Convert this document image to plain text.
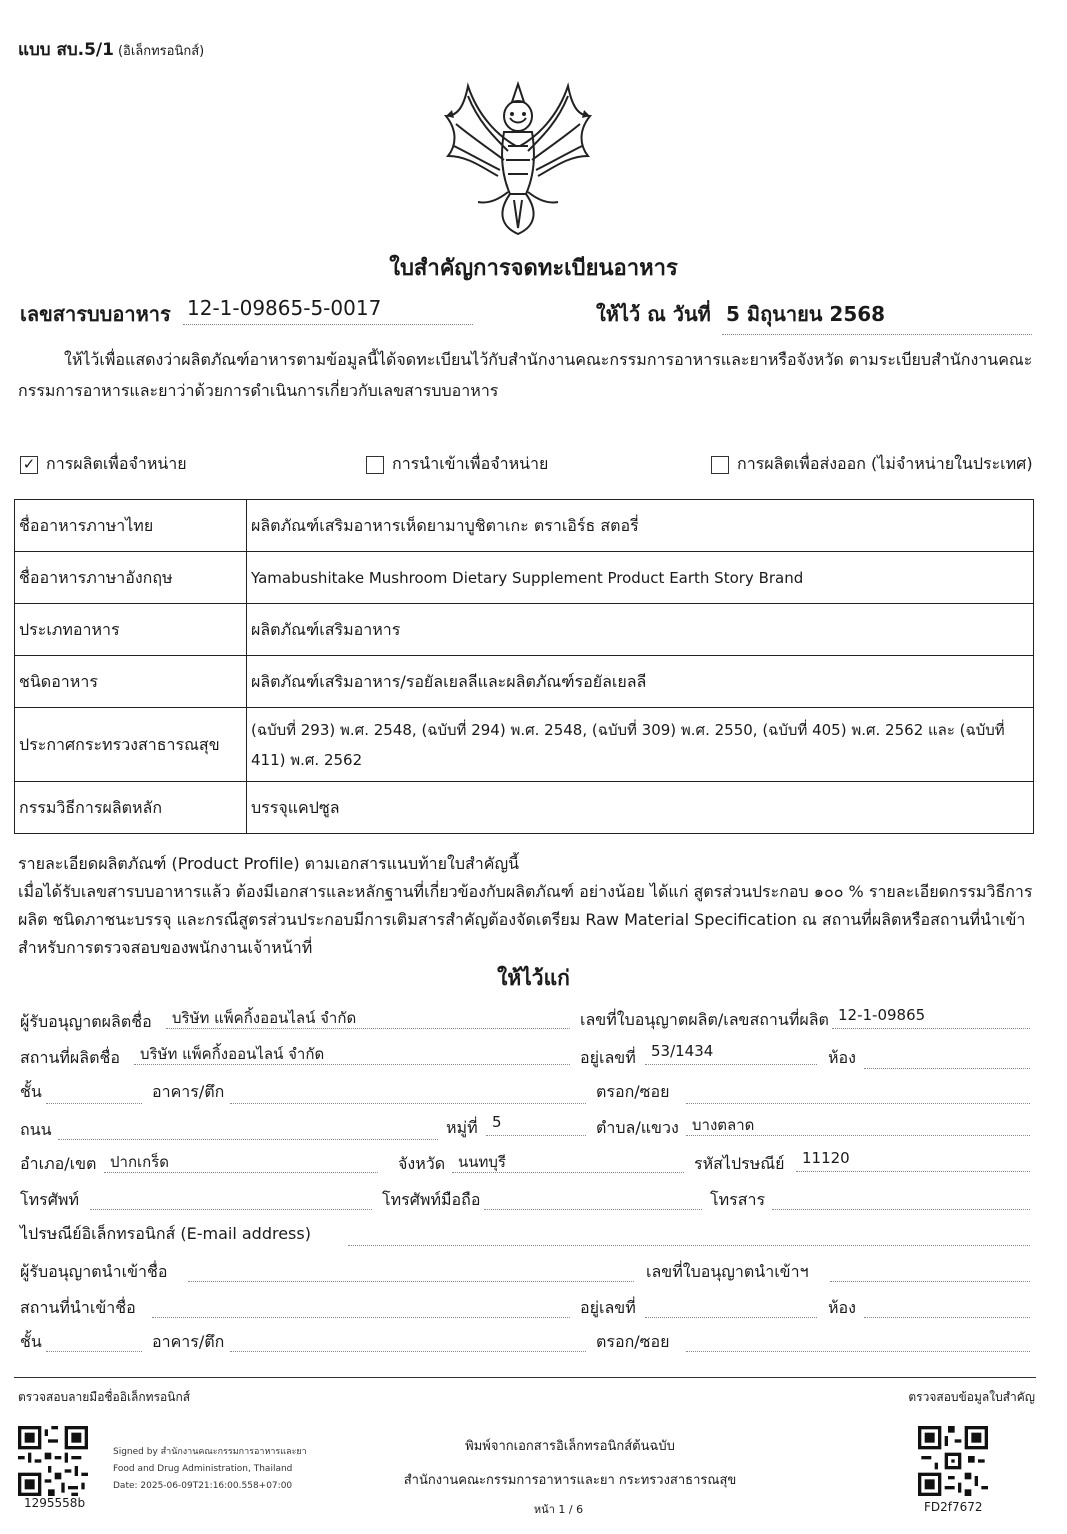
แบบ สบ.5/1 (อิเล็กทรอนิกส์)
ใบสำคัญการจดทะเบียนอาหาร
เลขสารบบอาหาร 12-1-09865-5-0017	ให้ไว้ ณ วันที่ 5 มิถุนายน 2568
ให้ไว้เพื่อแสดงว่าผลิตภัณฑ์อาหารตามข้อมูลนี้ได้จดทะเบียนไว้กับสำนักงานคณะกรรมการอาหารและยาหรือจังหวัด ตามระเบียบสำนักงานคณะกรรมการอาหารและยาว่าด้วยการดำเนินการเกี่ยวกับเลขสารบบอาหาร
✓ การผลิตเพื่อจำหน่าย	การนำเข้าเพื่อจำหน่าย	การผลิตเพื่อส่งออก (ไม่จำหน่ายในประเทศ)
ชื่ออาหารภาษาไทย	ผลิตภัณฑ์เสริมอาหารเห็ดยามาบูชิตาเกะ ตราเอิร์ธ สตอรี่
ชื่ออาหารภาษาอังกฤษ	Yamabushitake Mushroom Dietary Supplement Product Earth Story Brand
ประเภทอาหาร	ผลิตภัณฑ์เสริมอาหาร
ชนิดอาหาร	ผลิตภัณฑ์เสริมอาหาร/รอยัลเยลลีและผลิตภัณฑ์รอยัลเยลลี
ประกาศกระทรวงสาธารณสุข	(ฉบับที่ 293) พ.ศ. 2548, (ฉบับที่ 294) พ.ศ. 2548, (ฉบับที่ 309) พ.ศ. 2550, (ฉบับที่ 405) พ.ศ. 2562 และ (ฉบับที่ 411) พ.ศ. 2562
กรรมวิธีการผลิตหลัก	บรรจุแคปซูล
รายละเอียดผลิตภัณฑ์ (Product Profile) ตามเอกสารแนบท้ายใบสำคัญนี้
เมื่อได้รับเลขสารบบอาหารแล้ว ต้องมีเอกสารและหลักฐานที่เกี่ยวข้องกับผลิตภัณฑ์ อย่างน้อย ได้แก่ สูตรส่วนประกอบ ๑๐๐ % รายละเอียดกรรมวิธีการผลิต ชนิดภาชนะบรรจุ และกรณีสูตรส่วนประกอบมีการเติมสารสำคัญต้องจัดเตรียม Raw Material Specification ณ สถานที่ผลิตหรือสถานที่นำเข้าสำหรับการตรวจสอบของพนักงานเจ้าหน้าที่
ให้ไว้แก่
ผู้รับอนุญาตผลิตชื่อ	บริษัท แพ็คกิ้งออนไลน์ จำกัด	เลขที่ใบอนุญาตผลิต/เลขสถานที่ผลิต 12-1-09865
สถานที่ผลิตชื่อ	บริษัท แพ็คกิ้งออนไลน์ จำกัด	อยู่เลขที่	53/1434	ห้อง
ชั้น	อาคาร/ตึก	ตรอก/ซอย
ถนน	หมู่ที่ 5	ตำบล/แขวง บางตลาด
อำเภอ/เขต ปากเกร็ด	จังหวัด นนทบุรี	รหัสไปรษณีย์	11120
โทรศัพท์	โทรศัพท์มือถือ	โทรสาร
ไปรษณีย์อิเล็กทรอนิกส์ (E-mail address)
ผู้รับอนุญาตนำเข้าชื่อ	เลขที่ใบอนุญาตนำเข้าฯ
สถานที่นำเข้าชื่อ	อยู่เลขที่	ห้อง
ชั้น	อาคาร/ตึก	ตรอก/ซอย
ตรวจสอบลายมือชื่ออิเล็กทรอนิกส์	ตรวจสอบข้อมูลใบสำคัญ
1295558b
Signed by สำนักงานคณะกรรมการอาหารและยา
Food and Drug Administration, Thailand
Date: 2025-06-09T21:16:00.558+07:00
พิมพ์จากเอกสารอิเล็กทรอนิกส์ต้นฉบับ
สำนักงานคณะกรรมการอาหารและยา กระทรวงสาธารณสุข
หน้า 1 / 6	FD2f7672
